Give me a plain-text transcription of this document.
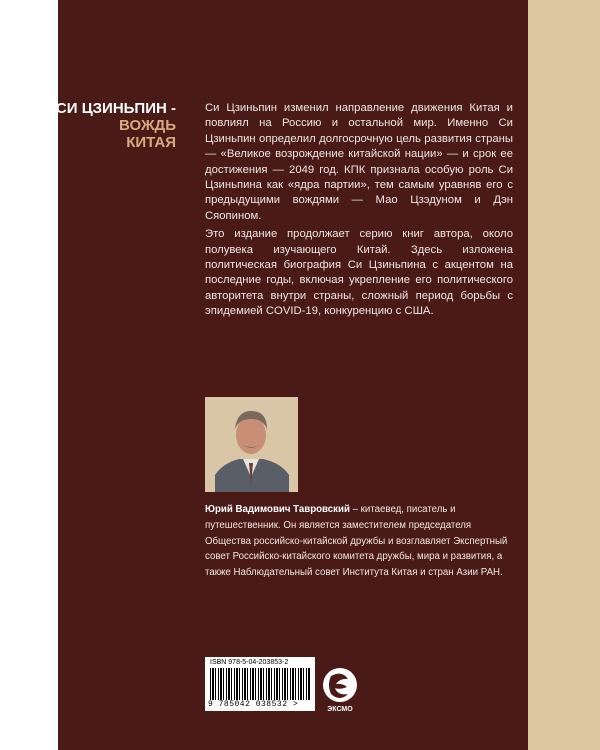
СИ ЦЗИНЬПИН -
ВОЖДЬ
КИТАЯ

Си Цзиньпин изменил направление движения Китая и повлиял на Россию и остальной мир. Именно Си Цзиньпин определил долгосрочную цель развития страны — «Великое возрождение китайской нации» — и срок ее достижения — 2049 год. КПК признала особую роль Си Цзиньпина как «ядра партии», тем самым уравняв его с предыдущими вождями — Мао Цзэдуном и Дэн Сяопином.

Это издание продолжает серию книг автора, около полувека изучающего Китай. Здесь изложена политическая биография Си Цзиньпина с акцентом на последние годы, включая укрепление его политического авторитета внутри страны, сложный период борьбы с эпидемией COVID-19, конкуренцию с США.

Юрий Вадимович Тавровский – китаевед, писатель и путешественник. Он является заместителем председателя Общества российско-китайской дружбы и возглавляет Экспертный совет Российско-китайского комитета дружбы, мира и развития, а также Наблюдательный совет Института Китая и стран Азии РАН.
ISBN 978-5-04-203853-2
9 785042 038532 >
ЭКСМО
